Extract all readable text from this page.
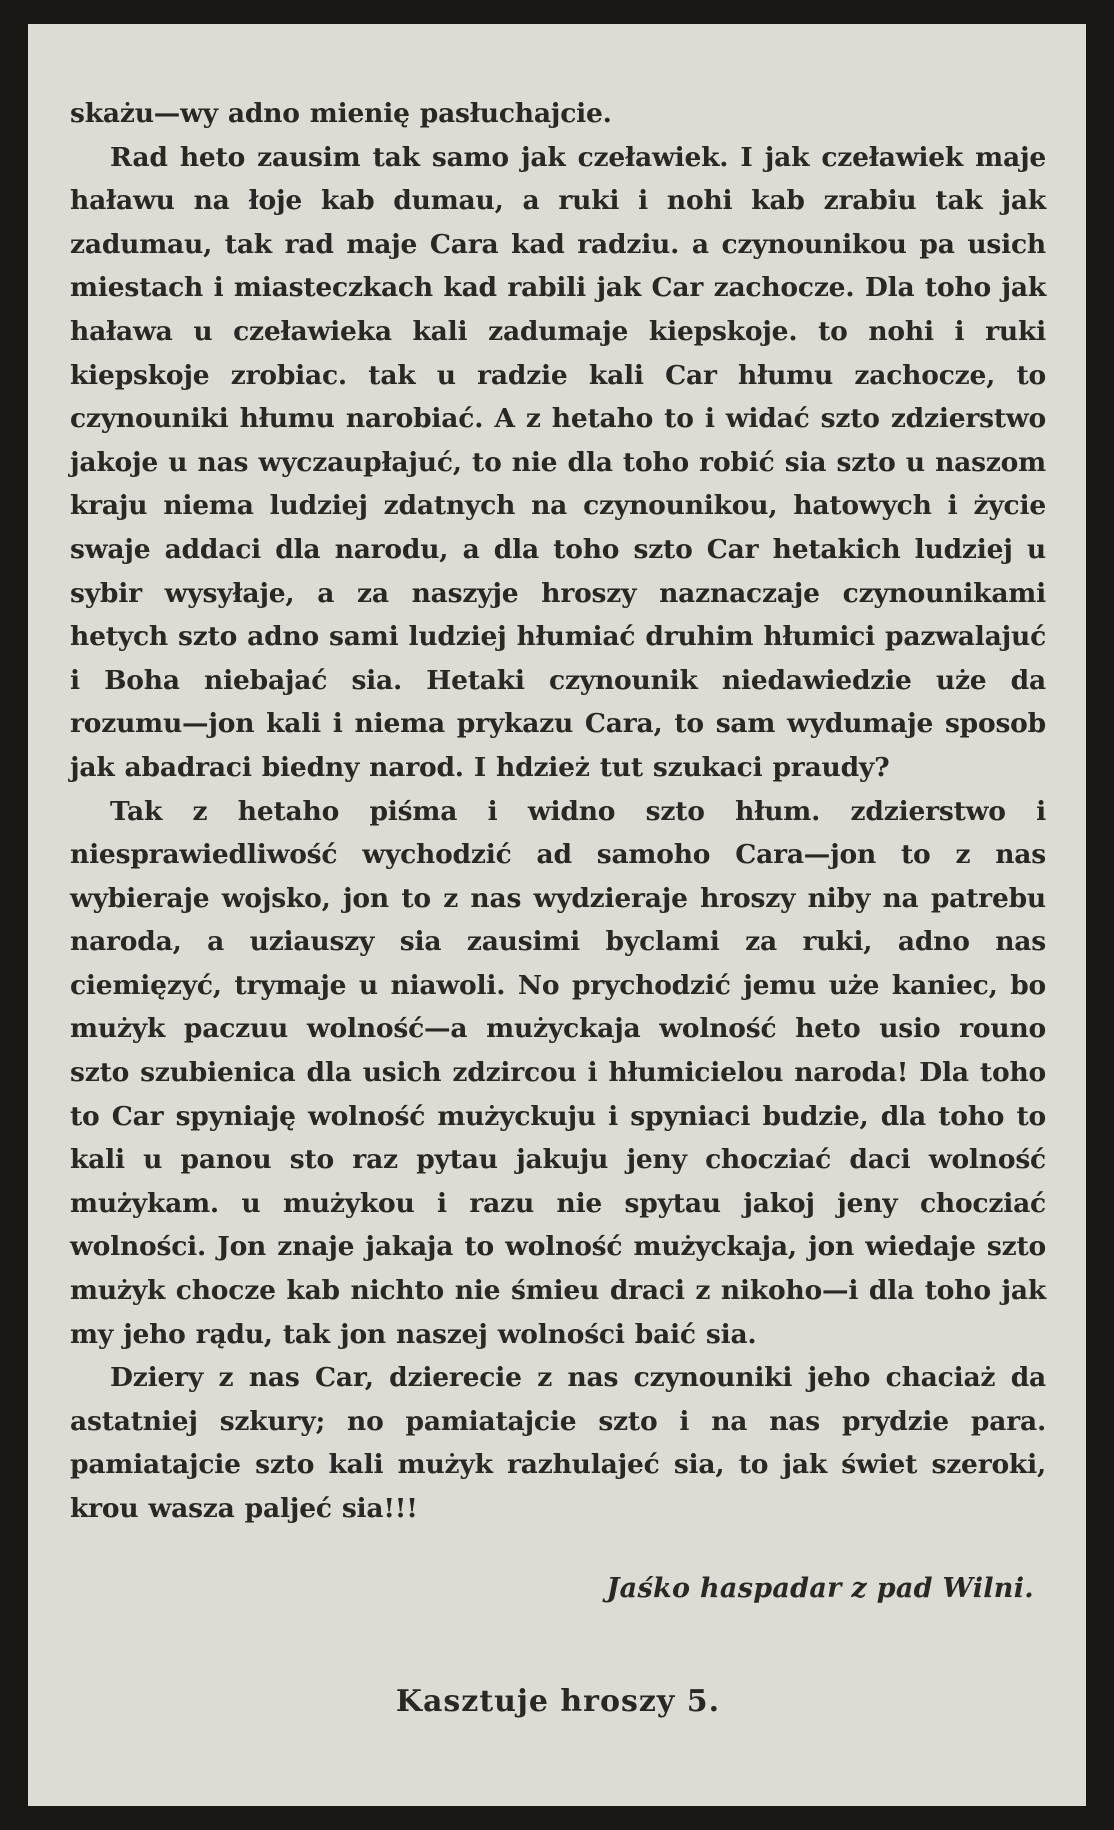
skażu—wy adno mienię pasłuchajcie.

Rad heto zausim tak samo jak czeławiek. I jak czeławiek maje haławu na łoje kab dumau, a ruki i nohi kab zrabiu tak jak zadumau, tak rad maje Cara kad radziu. a czynounikou pa usich miestach i miasteczkach kad rabili jak Car zachocze. Dla toho jak haława u czeławieka kali zadumaje kiepskoje. to nohi i ruki kiepskoje zrobiac. tak u radzie kali Car hłumu zachocze, to czynouniki hłumu narobiać. A z hetaho to i widać szto zdzierstwo jakoje u nas wyczaupłajuć, to nie dla toho robić sia szto u naszom kraju niema ludziej zdatnych na czynounikou, hatowych i życie swaje addaci dla narodu, a dla toho szto Car hetakich ludziej u sybir wysyłaje, a za naszyje hroszy naznaczaje czynounikami hetych szto adno sami ludziej hłumiać druhim hłumici pazwalajuć i Boha niebajać sia. Hetaki czynounik niedawiedzie uże da rozumu—jon kali i niema prykazu Cara, to sam wydumaje sposob jak abadraci biedny narod. I hdzież tut szukaci praudy?

Tak z hetaho piśma i widno szto hłum. zdzierstwo i niesprawiedliwość wychodzić ad samoho Cara—jon to z nas wybieraje wojsko, jon to z nas wydzieraje hroszy niby na patrebu naroda, a uziauszy sia zausimi byclami za ruki, adno nas ciemięzyć, trymaje u niawoli. No prychodzić jemu uże kaniec, bo mużyk paczuu wolność—a mużyckaja wolność heto usio rouno szto szubienica dla usich zdzircou i hłumicielou naroda! Dla toho to Car spyniaję wolność mużyckuju i spyniaci budzie, dla toho to kali u panou sto raz pytau jakuju jeny chocziać daci wolność mużykam. u mużykou i razu nie spytau jakoj jeny chocziać wolności. Jon znaje jakaja to wolność mużyckaja, jon wiedaje szto mużyk chocze kab nichto nie śmieu draci z nikoho—i dla toho jak my jeho rądu, tak jon naszej wolności baić sia.

Dziery z nas Car, dzierecie z nas czynouniki jeho chaciaż da astatniej szkury; no pamiatajcie szto i na nas prydzie para. pamiatajcie szto kali mużyk razhulajeć sia, to jak świet szeroki, krou wasza paljeć sia!!!

Jaśko haspadar z pad Wilni.
Kasztuje hroszy 5.
